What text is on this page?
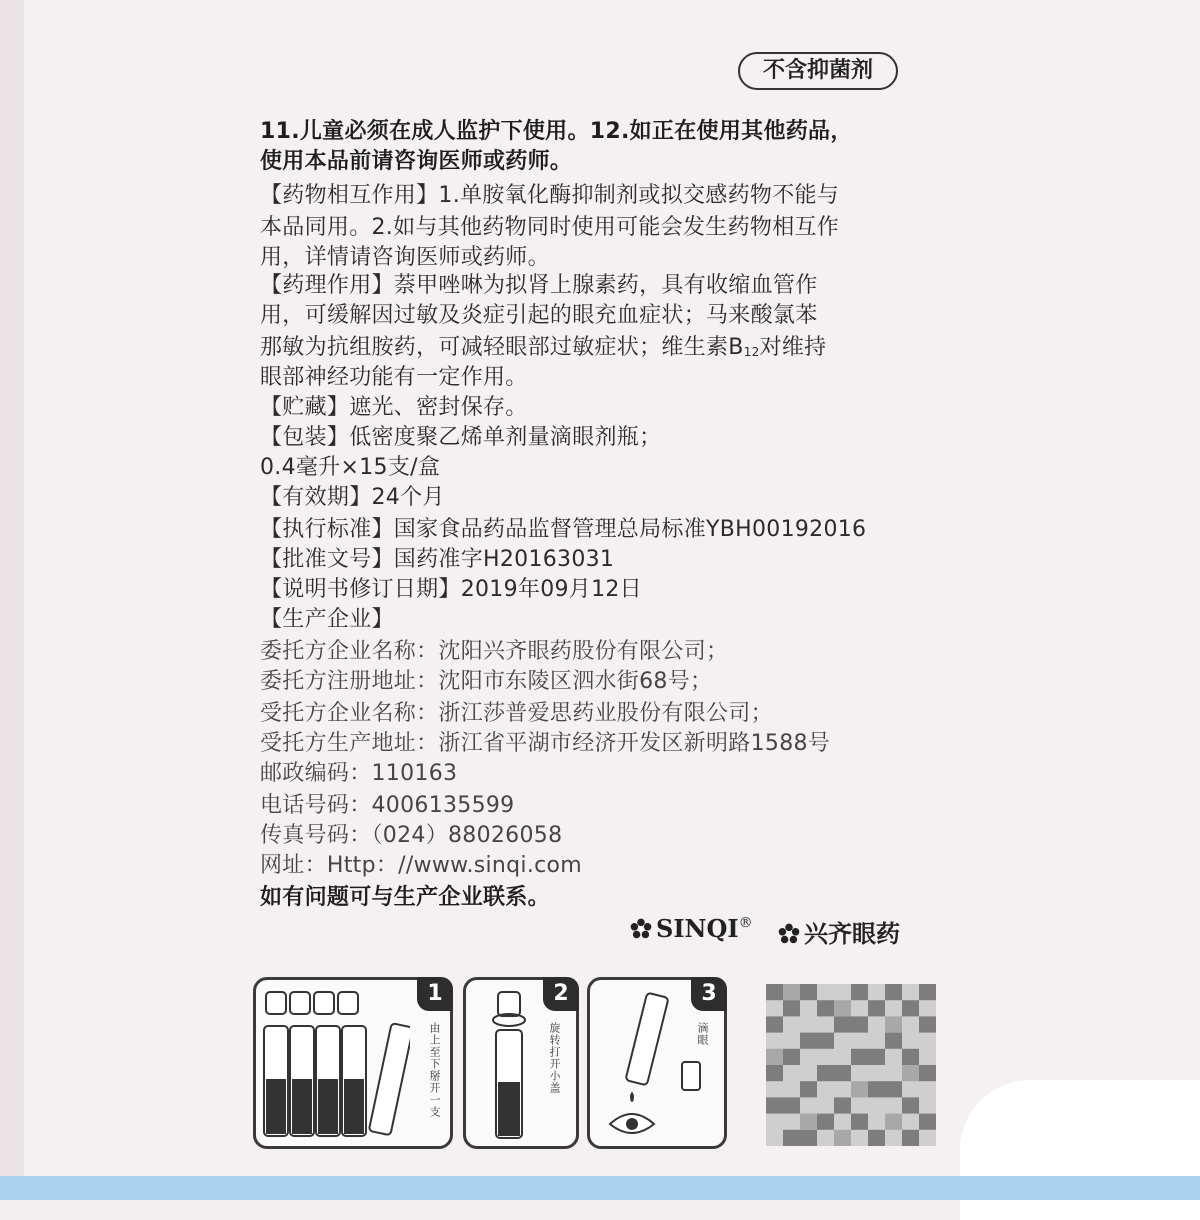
不含抑菌剂
11.儿童必须在成人监护下使用。12.如正在使用其他药品，
使用本品前请咨询医师或药师。
【药物相互作用】1.单胺氧化酶抑制剂或拟交感药物不能与
本品同用。2.如与其他药物同时使用可能会发生药物相互作
用，详情请咨询医师或药师。
【药理作用】萘甲唑啉为拟肾上腺素药，具有收缩血管作
用，可缓解因过敏及炎症引起的眼充血症状；马来酸氯苯
那敏为抗组胺药，可减轻眼部过敏症状；维生素B12对维持
眼部神经功能有一定作用。
【贮藏】遮光、密封保存。
【包装】低密度聚乙烯单剂量滴眼剂瓶；
0.4毫升×15支/盒
【有效期】24个月
【执行标准】国家食品药品监督管理总局标准YBH00192016
【批准文号】国药准字H20163031
【说明书修订日期】2019年09月12日
【生产企业】
委托方企业名称：沈阳兴齐眼药股份有限公司；
委托方注册地址：沈阳市东陵区泗水街68号；
受托方企业名称：浙江莎普爱思药业股份有限公司；
受托方生产地址：浙江省平湖市经济开发区新明路1588号
邮政编码：110163
电话号码：4006135599
传真号码：（024）88026058
网址：Http：//www.sinqi.com
如有问题可与生产企业联系。
SINQI®	兴齐眼药
1
由上至下掰开一支
2
旋转打开小盖
3
滴眼
